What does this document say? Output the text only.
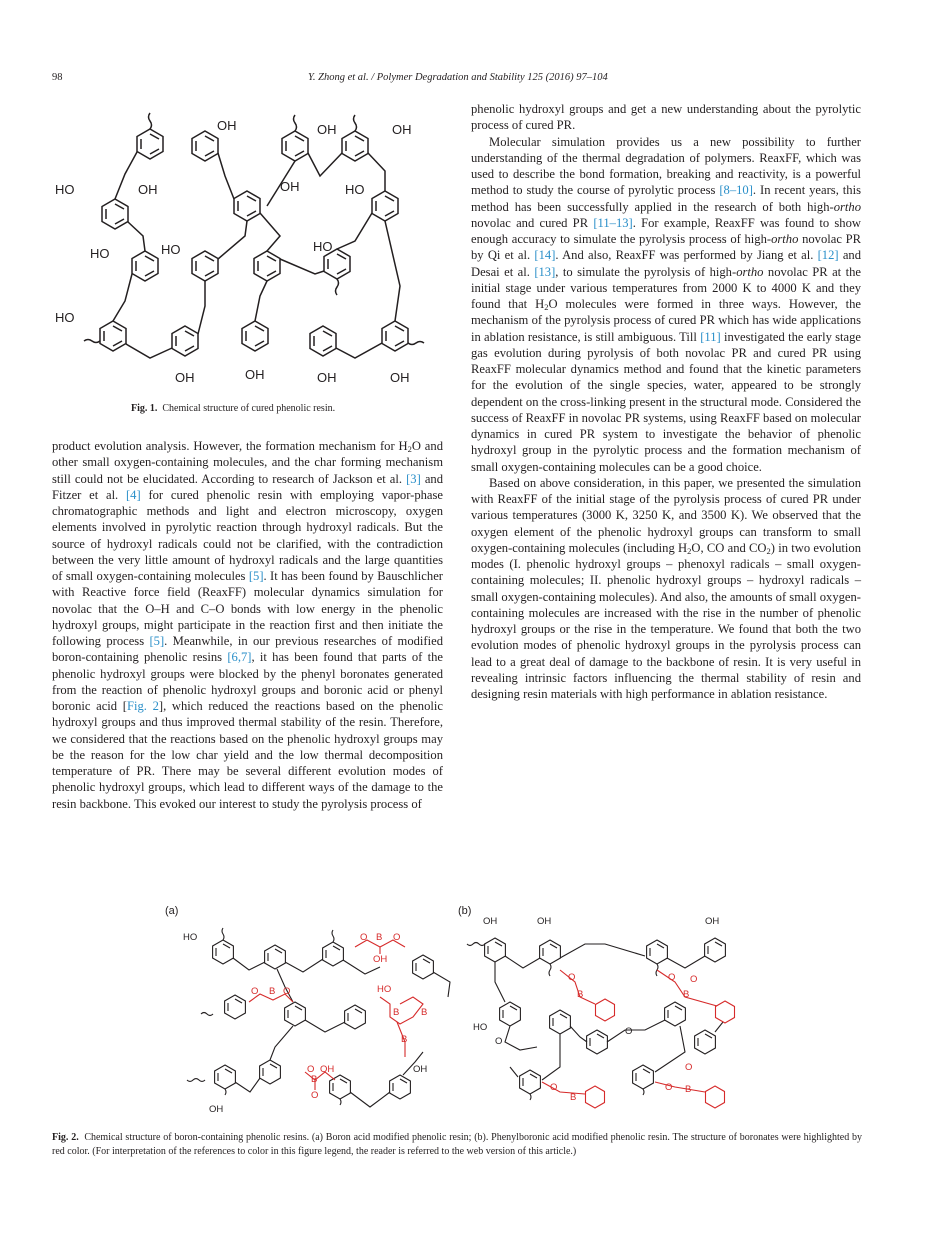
98	Y. Zhong et al. / Polymer Degradation and Stability 125 (2016) 97–104
HO
HO
HO
HO	HO
HO
OH
OH
OH
OH	OH
OH	OH	OH	OH
Fig. 1. Chemical structure of cured phenolic resin.

product evolution analysis. However, the formation mechanism for $H_2O$ and other small oxygen-containing molecules, and the char forming mechanism still could not be elucidated. According to research of Jackson et al. [3] and Fitzer et al. [4] for cured phenolic resin with employing vapor-phase chromatographic methods and light and electron microscopy, oxygen elements involved in pyrolytic reaction through hydroxyl radicals. But the source of hydroxyl radicals could not be clarified, with the contradiction between the very little amount of hydroxyl radicals and the large quantities of small oxygen-containing molecules [5]. It has been found by Bauschlicher with Reactive force field (ReaxFF) molecular dynamics simulation for novolac that the O–H and C–O bonds with low energy in the phenolic hydroxyl groups, might participate in the reaction first and then initiate the following process [5]. Meanwhile, in our previous researches of modified boron-containing phenolic resins [6,7], it has been found that parts of the phenolic hydroxyl groups were blocked by the phenyl boronates generated from the reaction of phenolic hydroxyl groups and boronic acid or phenyl boronic acid [Fig. 2], which reduced the reactions based on the phenolic hydroxyl groups and thus improved thermal stability of the resin. Therefore, we considered that the reactions based on the phenolic hydroxyl groups may be the reason for the low char yield and the low thermal decomposition temperature of PR. There may be several different evolution modes of phenolic hydroxyl groups, which lead to different ways of the damage to the resin backbone. This evoked our interest to study the pyrolysis process of

phenolic hydroxyl groups and get a new understanding about the pyrolytic process of cured PR.

Molecular simulation provides us a new possibility to further understanding of the thermal degradation of polymers. ReaxFF, which was used to describe the bond formation, breaking and reactivity, is a powerful method to study the course of pyrolytic process [8–10]. In recent years, this method has been successfully applied in the research of both high-ortho novolac and cured PR [11–13]. For example, ReaxFF was found to show enough accuracy to simulate the pyrolysis process of high-ortho novolac PR by Qi et al. [14]. And also, ReaxFF was performed by Jiang et al. [12] and Desai et al. [13], to simulate the pyrolysis of high-ortho novolac PR at the initial stage under various temperatures from 2000 K to 4000 K and they found that $H_2O$ molecules were formed in three ways. However, the mechanism of the pyrolysis process of cured PR which has wide applications in ablation resistance, is still ambiguous. Till [11] investigated the early stage gas evolution during pyrolysis of both novolac PR and cured PR using ReaxFF molecular dynamics method and found that the kinetic parameters for the evolution of the single species, water, appeared to be strongly dependent on the cross-linking present in the structural mode. Considered the success of ReaxFF in novolac PR systems, using ReaxFF based on molecular dynamics in cured PR system to investigate the behavior of phenolic hydroxyl group in the pyrolytic process and the formation mechanism of small oxygen-containing molecules can be a good choice.

Based on above consideration, in this paper, we presented the simulation with ReaxFF of the initial stage of the pyrolysis process of cured PR under various temperatures (3000 K, 3250 K, and 3500 K). We observed that the oxygen element of the phenolic hydroxyl groups can transform to small oxygen-containing molecules (including $H_2O$, CO and $CO_2$) in two evolution modes (I. phenolic hydroxyl groups – phenoxyl radicals – small oxygen-containing molecules; II. phenolic hydroxyl groups – hydroxyl radicals – small oxygen-containing molecules). And also, the amounts of small oxygen-containing molecules are increased with the rise in the number of phenolic hydroxyl groups or the rise in the temperature. We found that both the two evolution modes of phenolic hydroxyl groups in the pyrolysis process can lead to a great deal of damage to the backbone of resin. It is very useful in revealing intrinsic factors influencing the thermal stability of resin and designing resin materials with high performance in ablation resistance.

(a)	(b)
HO
OH
OH
O B O
OH
O B O	HO
B B
B
O OH
B
O
OH	OH	OH
HO
O
O
O
B
O O
B
O
B
O
O B
Fig. 2. Chemical structure of boron-containing phenolic resins. (a) Boron acid modified phenolic resin; (b). Phenylboronic acid modified phenolic resin. The structure of boronates were highlighted by red color. (For interpretation of the references to color in this figure legend, the reader is referred to the web version of this article.)
